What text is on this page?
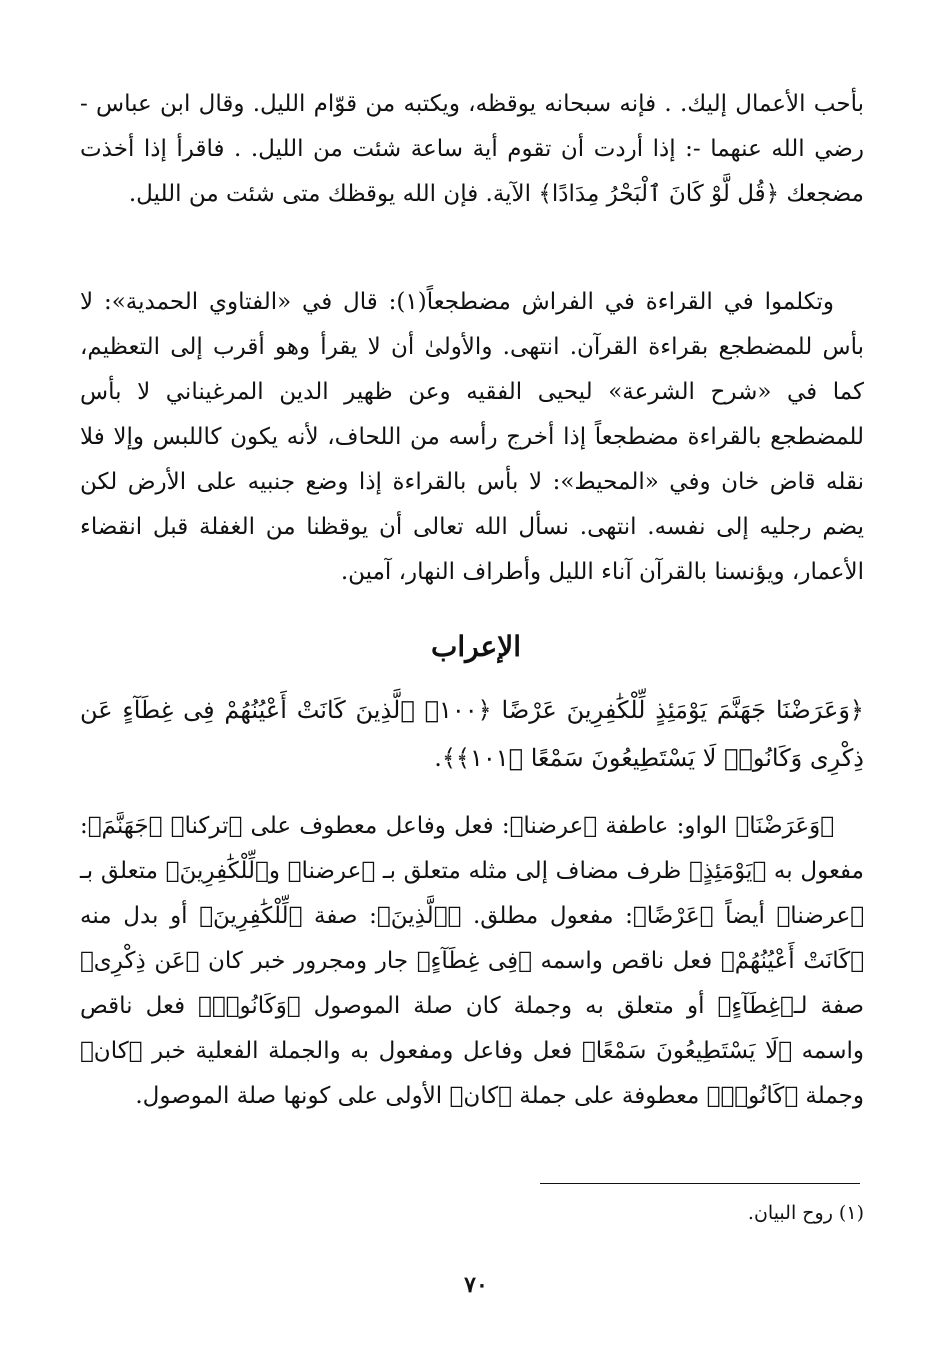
بأحب الأعمال إليك. . فإنه سبحانه يوقظه، ويكتبه من قوّام الليل. وقال ابن عباس - رضي الله عنهما -: إذا أردت أن تقوم أية ساعة شئت من الليل. . فاقرأ إذا أخذت مضجعك ﴿قُل لَّوْ كَانَ ٱلْبَحْرُ مِدَادًا﴾ الآية. فإن الله يوقظك متى شئت من الليل.

وتكلموا في القراءة في الفراش مضطجعاً(١): قال في «الفتاوي الحمدية»: لا بأس للمضطجع بقراءة القرآن. انتهى. والأولىٰ أن لا يقرأ وهو أقرب إلى التعظيم، كما في «شرح الشرعة» ليحيى الفقيه وعن ظهير الدين المرغيناني لا بأس للمضطجع بالقراءة مضطجعاً إذا أخرج رأسه من اللحاف، لأنه يكون كاللبس وإلا فلا نقله قاض خان وفي «المحيط»: لا بأس بالقراءة إذا وضع جنبيه على الأرض لكن يضم رجليه إلى نفسه. انتهى. نسأل الله تعالى أن يوقظنا من الغفلة قبل انقضاء الأعمار، ويؤنسنا بالقرآن آناء الليل وأطراف النهار، آمين.

الإعراب

﴿وَعَرَضْنَا جَهَنَّمَ يَوْمَئِذٍ لِّلْكَٰفِرِينَ عَرْضًا ﴿١٠٠﴾ ٱلَّذِينَ كَانَتْ أَعْيُنُهُمْ فِى غِطَآءٍ عَن ذِكْرِى وَكَانُوا۟ لَا يَسْتَطِيعُونَ سَمْعًا ﴿١٠١﴾﴾.

﴿وَعَرَضْنَا﴾ الواو: عاطفة ﴿عرضنا﴾: فعل وفاعل معطوف على ﴿تركنا﴾ ﴿جَهَنَّمَ﴾: مفعول به ﴿يَوْمَئِذٍ﴾ ظرف مضاف إلى مثله متعلق بـ ﴿عرضنا﴾ و﴿لِّلْكَٰفِرِينَ﴾ متعلق بـ ﴿عرضنا﴾ أيضاً ﴿عَرْضًا﴾: مفعول مطلق. ﴿ٱلَّذِينَ﴾: صفة ﴿لِّلْكَٰفِرِينَ﴾ أو بدل منه ﴿كَانَتْ أَعْيُنُهُمْ﴾ فعل ناقص واسمه ﴿فِى غِطَآءٍ﴾ جار ومجرور خبر كان ﴿عَن ذِكْرِى﴾ صفة لـ﴿غِطَآءٍ﴾ أو متعلق به وجملة كان صلة الموصول ﴿وَكَانُوا۟﴾ فعل ناقص واسمه ﴿لَا يَسْتَطِيعُونَ سَمْعًا﴾ فعل وفاعل ومفعول به والجملة الفعلية خبر ﴿كان﴾ وجملة ﴿كَانُوا۟﴾ معطوفة على جملة ﴿كان﴾ الأولى على كونها صلة الموصول.

(١) روح البيان.
٧٠
